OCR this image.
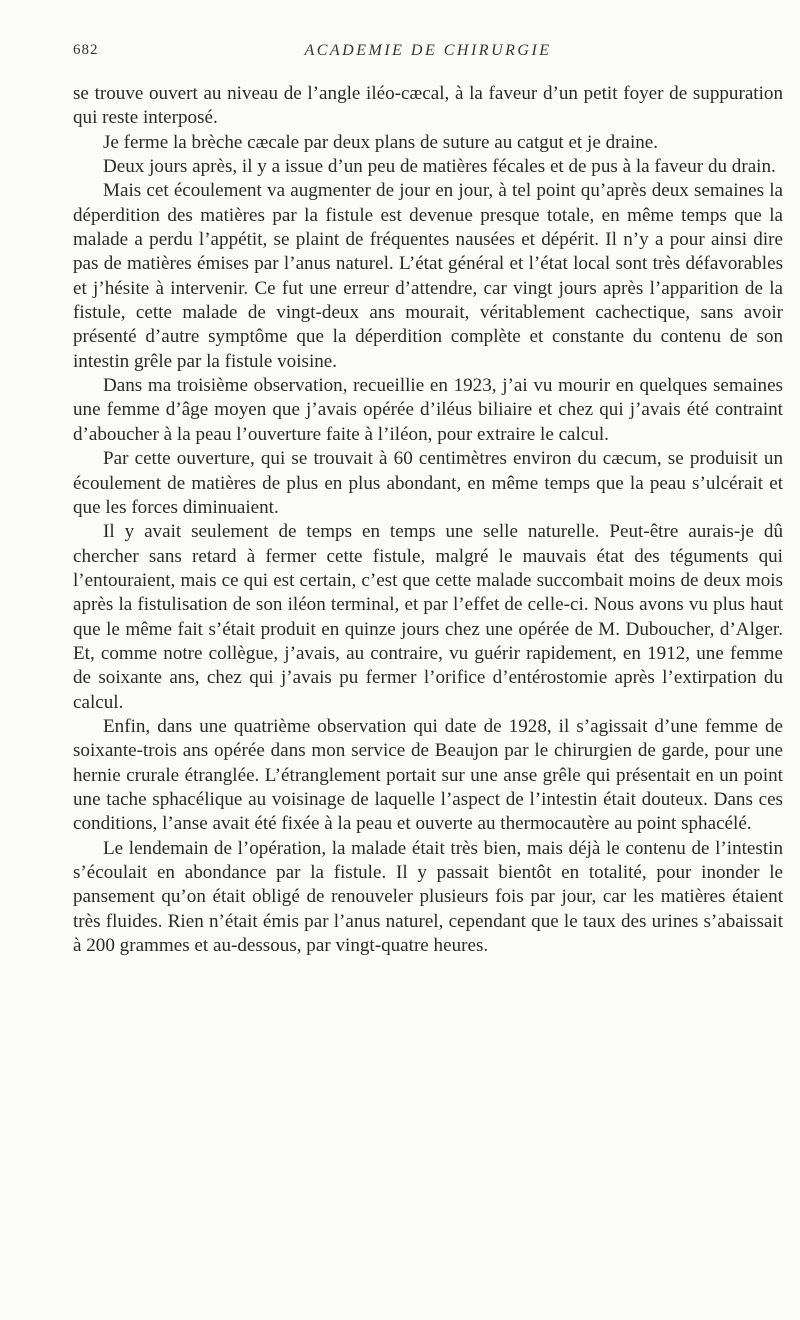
682	ACADEMIE DE CHIRURGIE

se trouve ouvert au niveau de l’angle iléo-cæcal, à la faveur d’un petit foyer de suppuration qui reste interposé.

Je ferme la brèche cæcale par deux plans de suture au catgut et je draine.

Deux jours après, il y a issue d’un peu de matières fécales et de pus à la faveur du drain.

Mais cet écoulement va augmenter de jour en jour, à tel point qu’après deux semaines la déperdition des matières par la fistule est devenue presque totale, en même temps que la malade a perdu l’appétit, se plaint de fréquentes nausées et dépérit. Il n’y a pour ainsi dire pas de matières émises par l’anus naturel. L’état général et l’état local sont très défavorables et j’hésite à intervenir. Ce fut une erreur d’attendre, car vingt jours après l’apparition de la fistule, cette malade de vingt-deux ans mourait, véritablement cachectique, sans avoir présenté d’autre symptôme que la déperdition complète et constante du contenu de son intestin grêle par la fistule voisine.

Dans ma troisième observation, recueillie en 1923, j’ai vu mourir en quelques semaines une femme d’âge moyen que j’avais opérée d’iléus biliaire et chez qui j’avais été contraint d’aboucher à la peau l’ouverture faite à l’iléon, pour extraire le calcul.

Par cette ouverture, qui se trouvait à 60 centimètres environ du cæcum, se produisit un écoulement de matières de plus en plus abondant, en même temps que la peau s’ulcérait et que les forces diminuaient.

Il y avait seulement de temps en temps une selle naturelle. Peut-être aurais-je dû chercher sans retard à fermer cette fistule, malgré le mauvais état des téguments qui l’entouraient, mais ce qui est certain, c’est que cette malade succombait moins de deux mois après la fistulisation de son iléon terminal, et par l’effet de celle-ci. Nous avons vu plus haut que le même fait s’était produit en quinze jours chez une opérée de M. Duboucher, d’Alger. Et, comme notre collègue, j’avais, au contraire, vu guérir rapidement, en 1912, une femme de soixante ans, chez qui j’avais pu fermer l’orifice d’entérostomie après l’extirpation du calcul.

Enfin, dans une quatrième observation qui date de 1928, il s’agissait d’une femme de soixante-trois ans opérée dans mon service de Beaujon par le chirurgien de garde, pour une hernie crurale étranglée. L’étranglement portait sur une anse grêle qui présentait en un point une tache sphacélique au voisinage de laquelle l’aspect de l’intestin était douteux. Dans ces conditions, l’anse avait été fixée à la peau et ouverte au thermocautère au point sphacélé.

Le lendemain de l’opération, la malade était très bien, mais déjà le contenu de l’intestin s’écoulait en abondance par la fistule. Il y passait bientôt en totalité, pour inonder le pansement qu’on était obligé de renouveler plusieurs fois par jour, car les matières étaient très fluides. Rien n’était émis par l’anus naturel, cependant que le taux des urines s’abaissait à 200 grammes et au-dessous, par vingt-quatre heures.
